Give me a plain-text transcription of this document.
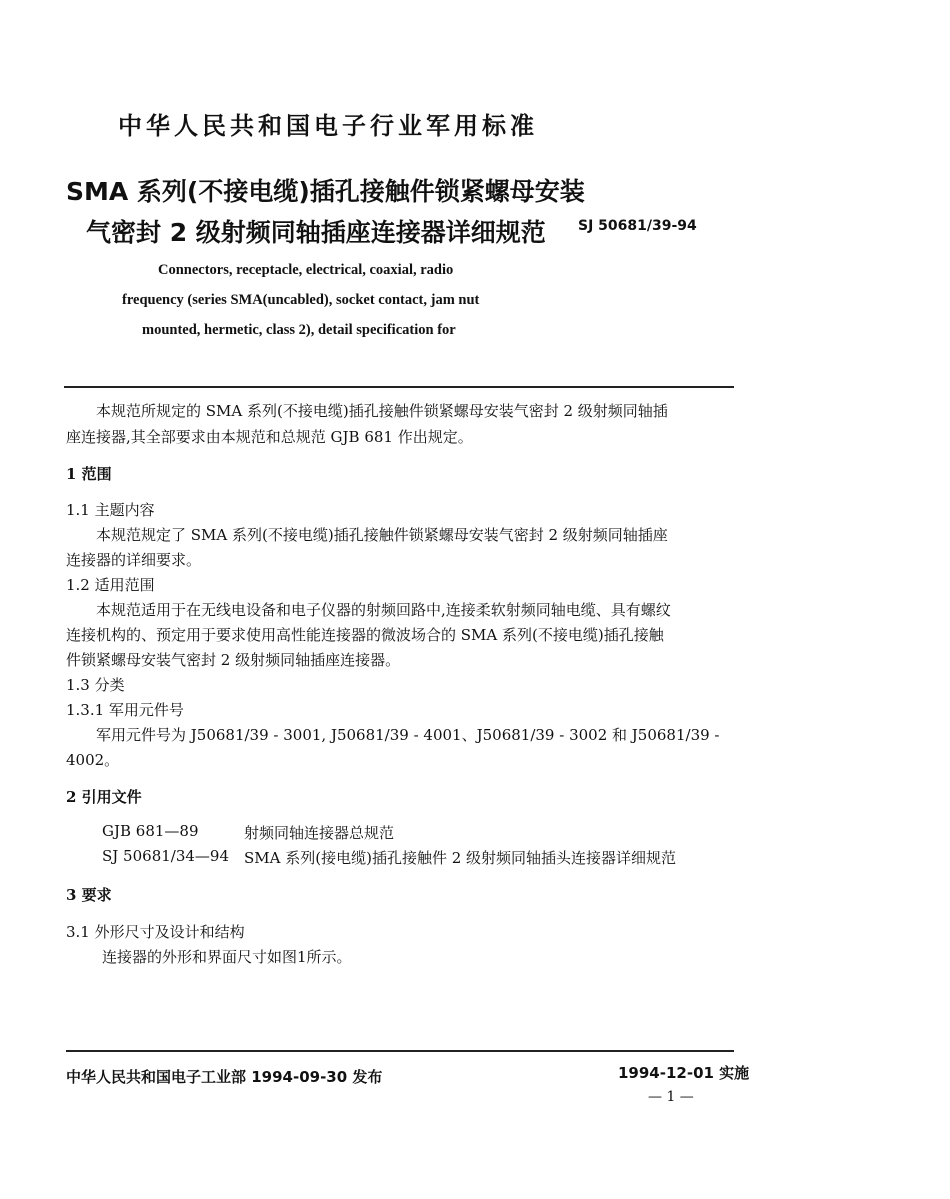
中华人民共和国电子行业军用标准
SMA 系列(不接电缆)插孔接触件锁紧螺母安装
气密封 2 级射频同轴插座连接器详细规范 SJ 50681/39-94
Connectors, receptacle, electrical, coaxial, radio
frequency (series SMA(uncabled), socket contact, jam nut
mounted, hermetic, class 2), detail specification for
本规范所规定的 SMA 系列(不接电缆)插孔接触件锁紧螺母安装气密封 2 级射频同轴插
座连接器,其全部要求由本规范和总规范 GJB 681 作出规定。
1 范围
1.1 主题内容
本规范规定了 SMA 系列(不接电缆)插孔接触件锁紧螺母安装气密封 2 级射频同轴插座
连接器的详细要求。
1.2 适用范围
本规范适用于在无线电设备和电子仪器的射频回路中,连接柔软射频同轴电缆、具有螺纹
连接机构的、预定用于要求使用高性能连接器的微波场合的 SMA 系列(不接电缆)插孔接触
件锁紧螺母安装气密封 2 级射频同轴插座连接器。
1.3 分类
1.3.1 军用元件号
军用元件号为 J50681/39 - 3001, J50681/39 - 4001、J50681/39 - 3002 和 J50681/39 -
4002。
2 引用文件
GJB 681—89	射频同轴连接器总规范
SJ 50681/34—94 SMA 系列(接电缆)插孔接触件 2 级射频同轴插头连接器详细规范
3 要求
3.1 外形尺寸及设计和结构
连接器的外形和界面尺寸如图1所示。
中华人民共和国电子工业部 1994-09-30 发布	1994-12-01 实施
— 1 —
